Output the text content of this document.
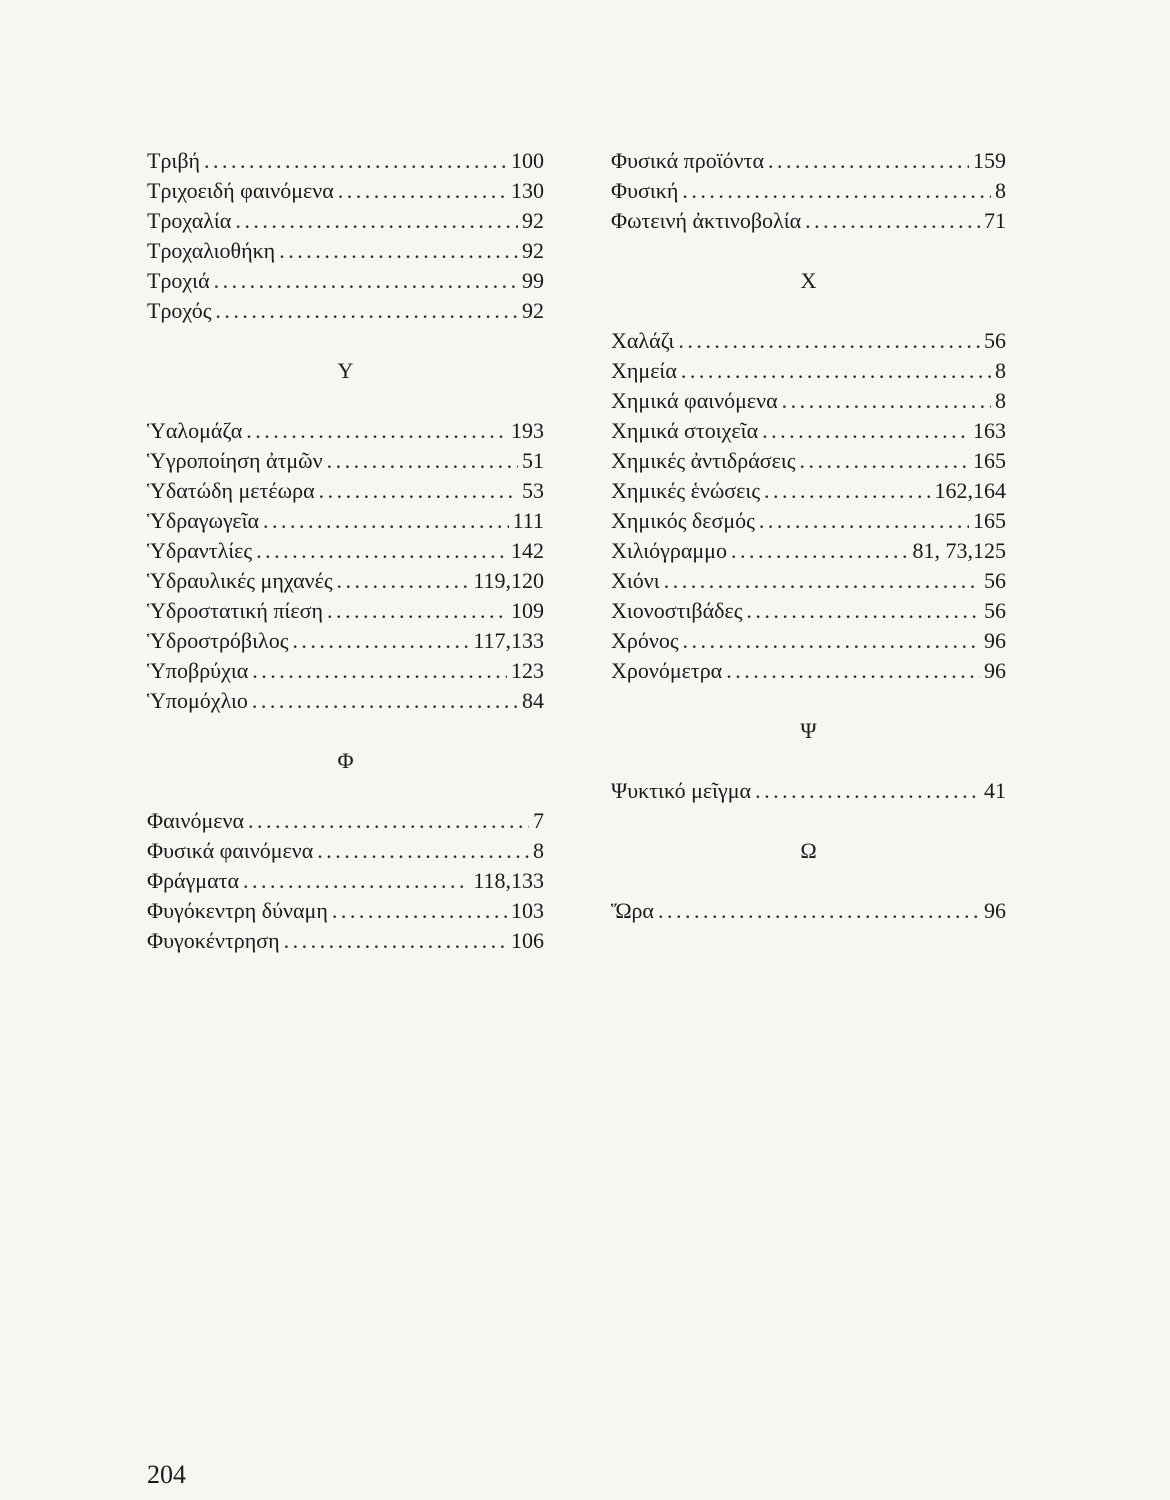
Τριβή . . .	100
Τριχοειδή φαινόμενα . . .	130
Τροχαλία . . .	92
Τροχαλιοθήκη . . .	92
Τροχιά . . .	99
Τροχός . . .	92
Υ
Ὑαλομάζα . . .	193
Ὑγροποίηση ἀτμῶν . . .	51
Ὑδατώδη μετέωρα . . .	53
Ὑδραγωγεῖα . . .	111
Ὑδραντλίες . . .	142
Ὑδραυλικές μηχανές . . .	119,120
Ὑδροστατική πίεση . . .	109
Ὑδροστρόβιλος . . .	117,133
Ὑποβρύχια . . .	123
Ὑπομόχλιο . . .	84
Φ
Φαινόμενα . . .	7
Φυσικά φαινόμενα . . .	8
Φράγματα . . .	118,133
Φυγόκεντρη δύναμη . . .	103
Φυγοκέντρηση . . .	106
Φυσικά προϊόντα . . .	159
Φυσική . . .	8
Φωτεινή ἀκτινοβολία . . .	71
Χ
Χαλάζι . . .	56
Χημεία . . .	8
Χημικά φαινόμενα . . .	8
Χημικά στοιχεῖα . . .	163
Χημικές ἀντιδράσεις . . .	165
Χημικές ἑνώσεις . . .	162,164
Χημικός δεσμός . . .	165
Χιλιόγραμμο . . .	81, 73,125
Χιόνι . . .	56
Χιονοστιβάδες . . .	56
Χρόνος . . .	96
Χρονόμετρα . . .	96
Ψ
Ψυκτικό μεῖγμα . . .	41
Ω
Ὥρα . . .	96
204
